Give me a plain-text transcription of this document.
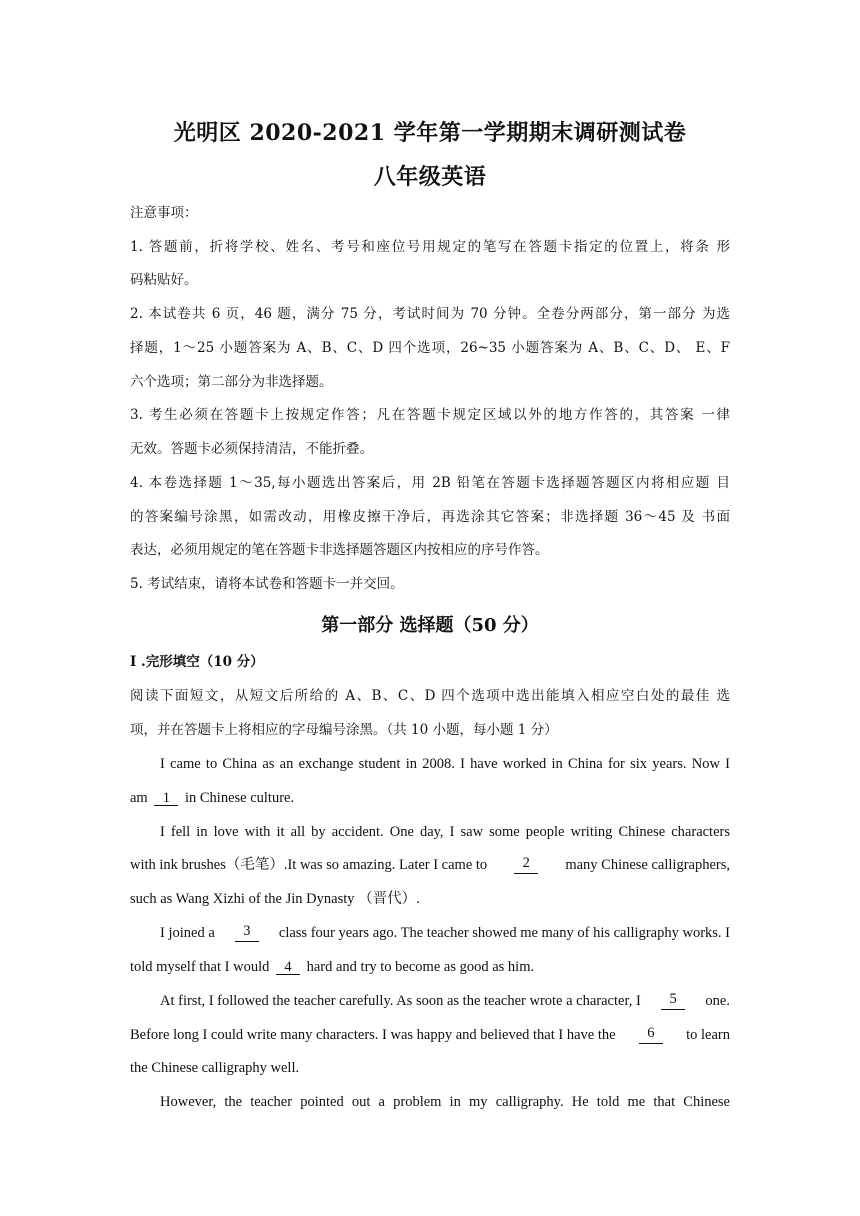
光明区 2020-2021 学年第一学期期末调研测试卷
八年级英语
注意事项：
1. 答题前，折将学校、姓名、考号和座位号用规定的笔写在答题卡指定的位置上，将条 形
码粘贴好。
2. 本试卷共 6 页，46 题，满分 75 分，考试时间为 70 分钟。全卷分两部分，第一部分 为选
择题，1～25 小题答案为 A、B、C、D 四个选项，26~35 小题答案为 A、B、C、D、 E、F
六个选项；第二部分为非选择题。
3. 考生必须在答题卡上按规定作答；凡在答题卡规定区域以外的地方作答的，其答案 一律
无效。答题卡必须保持清洁，不能折叠。
4. 本卷选择题 1～35,每小题选出答案后，用 2B 铅笔在答题卡选择题答题区内将相应题 目
的答案编号涂黑，如需改动，用橡皮擦干净后，再选涂其它答案；非选择题 36～45 及 书面
表达，必须用规定的笔在答题卡非选择题答题区内按相应的序号作答。
5. 考试结束，请将本试卷和答题卡一并交回。
第一部分 选择题（50 分）
I .完形填空（10 分）
阅读下面短文，从短文后所给的 A、B、C、D 四个选项中选出能填入相应空白处的最佳 选
项，并在答题卡上将相应的字母编号涂黑。（共 10 小题，每小题 1 分）
I came to China as an exchange student in 2008. I have worked in China for six years. Now I
am 1 in Chinese culture.
I fell in love with it all by accident. One day, I saw some people writing Chinese characters
with ink brushes（毛笔）.It was so amazing. Later I came to	2	many Chinese calligraphers,
such as Wang Xizhi of the Jin Dynasty （晋代）.
I joined a	3	class four years ago. The teacher showed me many of his calligraphy works. I
told myself that I would 4 hard and try to become as good as him.
At first, I followed the teacher carefully. As soon as the teacher wrote a character, I	5	one.
Before long I could write many characters. I was happy and believed that I have the	6	to learn
the Chinese calligraphy well.
However, the teacher pointed out a problem in my calligraphy. He told me that Chinese
